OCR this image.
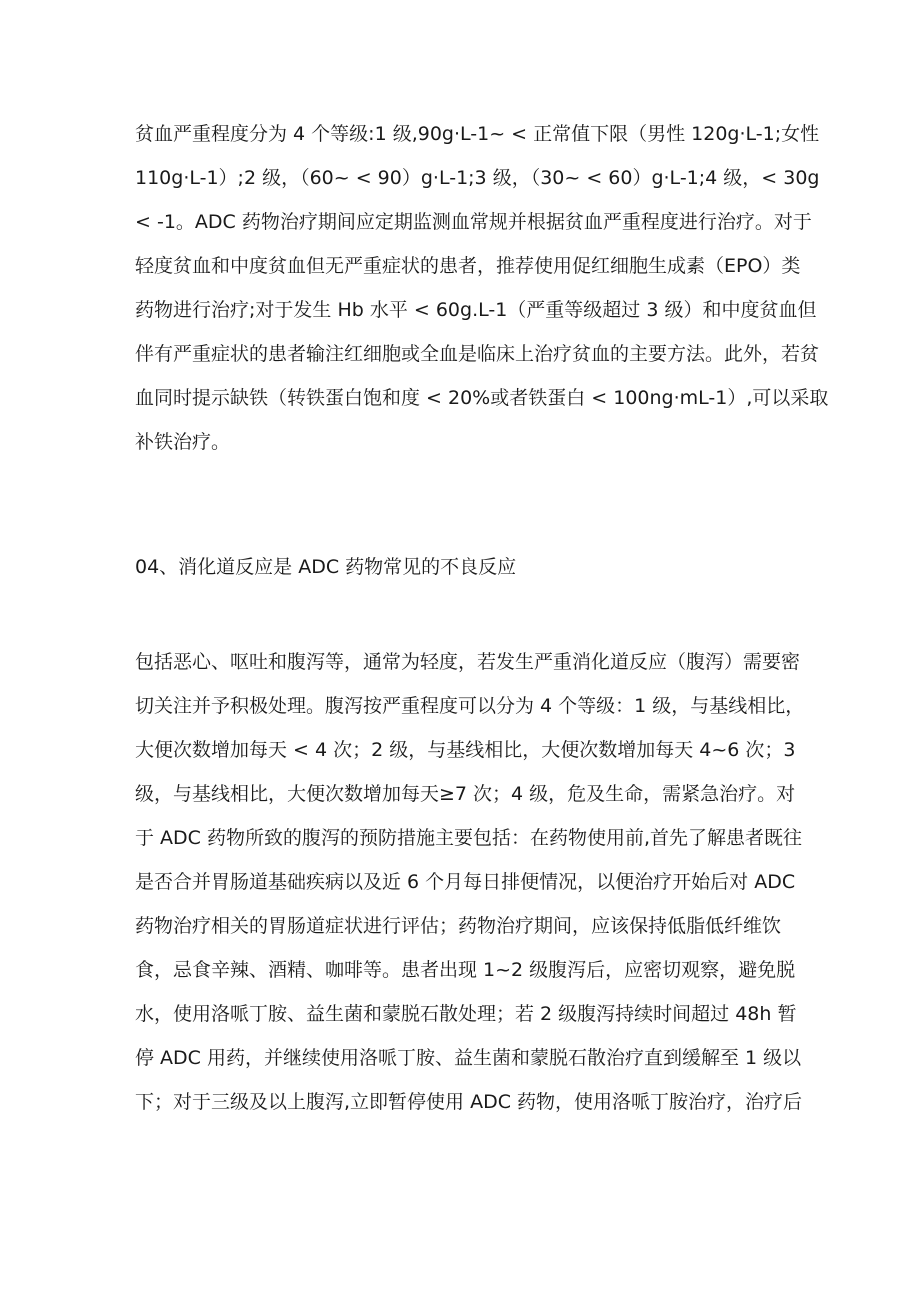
贫血严重程度分为 4 个等级:1 级,90g·L-1~ < 正常值下限（男性 120g·L-1;女性
110g·L-1）;2 级，（60~ < 90）g·L-1;3 级，（30~ < 60）g·L-1;4 级，< 30g
< -1。ADC 药物治疗期间应定期监测血常规并根据贫血严重程度进行治疗。对于
轻度贫血和中度贫血但无严重症状的患者，推荐使用促红细胞生成素（EPO）类
药物进行治疗;对于发生 Hb 水平 < 60g.L-1（严重等级超过 3 级）和中度贫血但
伴有严重症状的患者输注红细胞或全血是临床上治疗贫血的主要方法。此外，若贫
血同时提示缺铁（转铁蛋白饱和度 < 20%或者铁蛋白 < 100ng·mL-1）,可以采取
补铁治疗。
04、消化道反应是 ADC 药物常见的不良反应
包括恶心、呕吐和腹泻等，通常为轻度，若发生严重消化道反应（腹泻）需要密
切关注并予积极处理。腹泻按严重程度可以分为 4 个等级：1 级，与基线相比，
大便次数增加每天 < 4 次；2 级，与基线相比，大便次数增加每天 4~6 次；3
级，与基线相比，大便次数增加每天≥7 次；4 级，危及生命，需紧急治疗。对
于 ADC 药物所致的腹泻的预防措施主要包括：在药物使用前,首先了解患者既往
是否合并胃肠道基础疾病以及近 6 个月每日排便情况，以便治疗开始后对 ADC
药物治疗相关的胃肠道症状进行评估；药物治疗期间，应该保持低脂低纤维饮
食，忌食辛辣、酒精、咖啡等。患者出现 1~2 级腹泻后，应密切观察，避免脱
水，使用洛哌丁胺、益生菌和蒙脱石散处理；若 2 级腹泻持续时间超过 48h 暂
停 ADC 用药，并继续使用洛哌丁胺、益生菌和蒙脱石散治疗直到缓解至 1 级以
下；对于三级及以上腹泻,立即暂停使用 ADC 药物，使用洛哌丁胺治疗，治疗后
